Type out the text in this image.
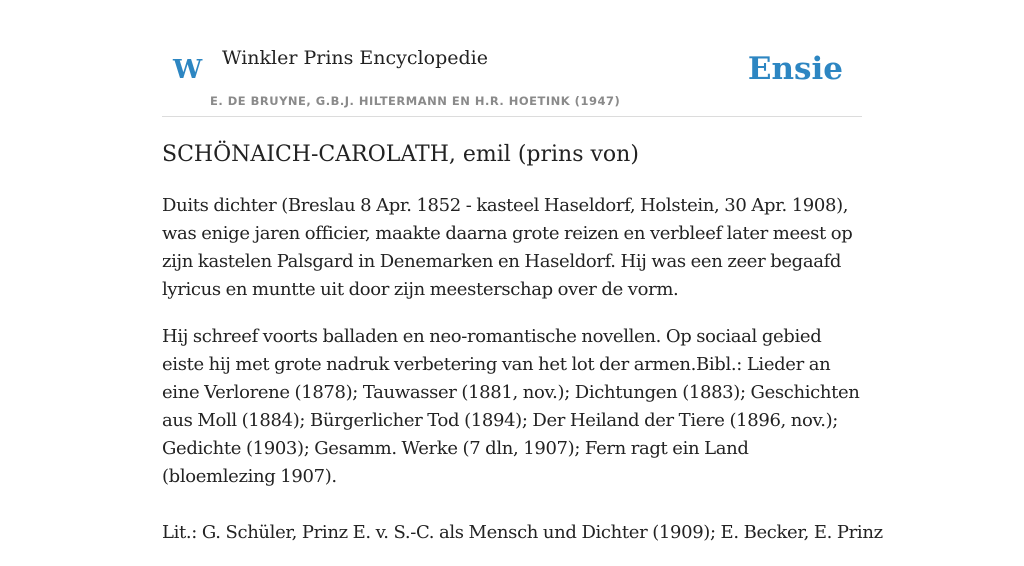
W Winkler Prins Encyclopedie
E. DE BRUYNE, G.B.J. HILTERMANN EN H.R. HOETINK (1947)
Ensie
SCHÖNAICH-CAROLATH, emil (prins von)

Duits dichter (Breslau 8 Apr. 1852 - kasteel Haseldorf, Holstein, 30 Apr. 1908), was enige jaren officier, maakte daarna grote reizen en verbleef later meest op zijn kastelen Palsgard in Denemarken en Haseldorf. Hij was een zeer begaafd lyricus en muntte uit door zijn meesterschap over de vorm.

Hij schreef voorts balladen en neo-romantische novellen. Op sociaal gebied eiste hij met grote nadruk verbetering van het lot der armen.Bibl.: Lieder an eine Verlorene (1878); Tauwasser (1881, nov.); Dichtungen (1883); Geschichten aus Moll (1884); Bürgerlicher Tod (1894); Der Heiland der Tiere (1896, nov.); Gedichte (1903); Gesamm. Werke (7 dln, 1907); Fern ragt ein Land (bloemlezing 1907).

Lit.: G. Schüler, Prinz E. v. S.-C. als Mensch und Dichter (1909); E. Becker, E. Prinz
